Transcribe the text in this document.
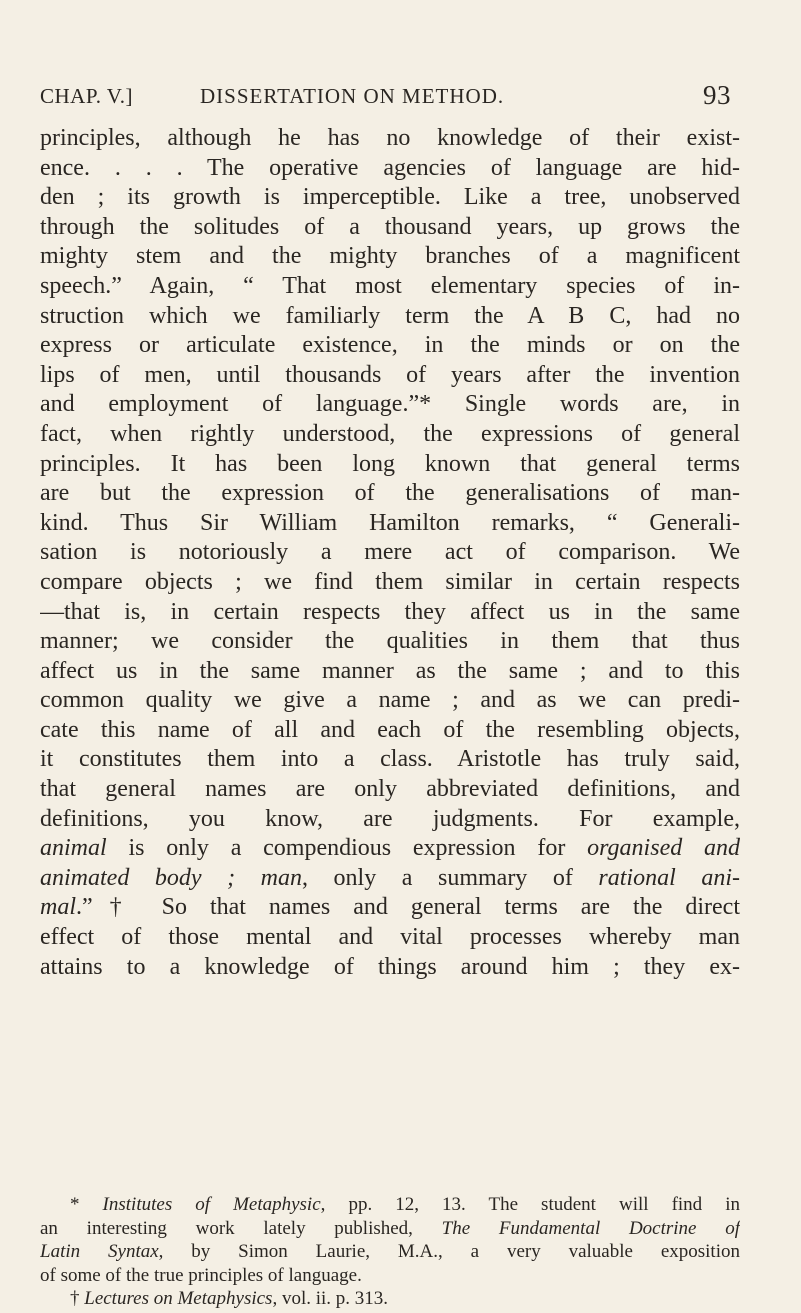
CHAP. V.]	DISSERTATION ON METHOD.	93
principles, although he has no knowledge of their exist-
ence. . . . The operative agencies of language are hid-
den ; its growth is imperceptible. Like a tree, unobserved
through the solitudes of a thousand years, up grows the
mighty stem and the mighty branches of a magnificent
speech.” Again, “ That most elementary species of in-
struction which we familiarly term the A B C, had no
express or articulate existence, in the minds or on the
lips of men, until thousands of years after the invention
and employment of language.”* Single words are, in
fact, when rightly understood, the expressions of general
principles. It has been long known that general terms
are but the expression of the generalisations of man-
kind. Thus Sir William Hamilton remarks, “ Generali-
sation is notoriously a mere act of comparison. We
compare objects ; we find them similar in certain respects
—that is, in certain respects they affect us in the same
manner; we consider the qualities in them that thus
affect us in the same manner as the same ; and to this
common quality we give a name ; and as we can predi-
cate this name of all and each of the resembling objects,
it constitutes them into a class. Aristotle has truly said,
that general names are only abbreviated definitions, and
definitions, you know, are judgments. For example,
animal is only a compendious expression for organised and
animated body ; man, only a summary of rational ani-
mal.”† So that names and general terms are the direct
effect of those mental and vital processes whereby man
attains to a knowledge of things around him ; they ex-
* Institutes of Metaphysic, pp. 12, 13. The student will find in
an interesting work lately published, The Fundamental Doctrine of
Latin Syntax, by Simon Laurie, M.A., a very valuable exposition
of some of the true principles of language.
† Lectures on Metaphysics, vol. ii. p. 313.
